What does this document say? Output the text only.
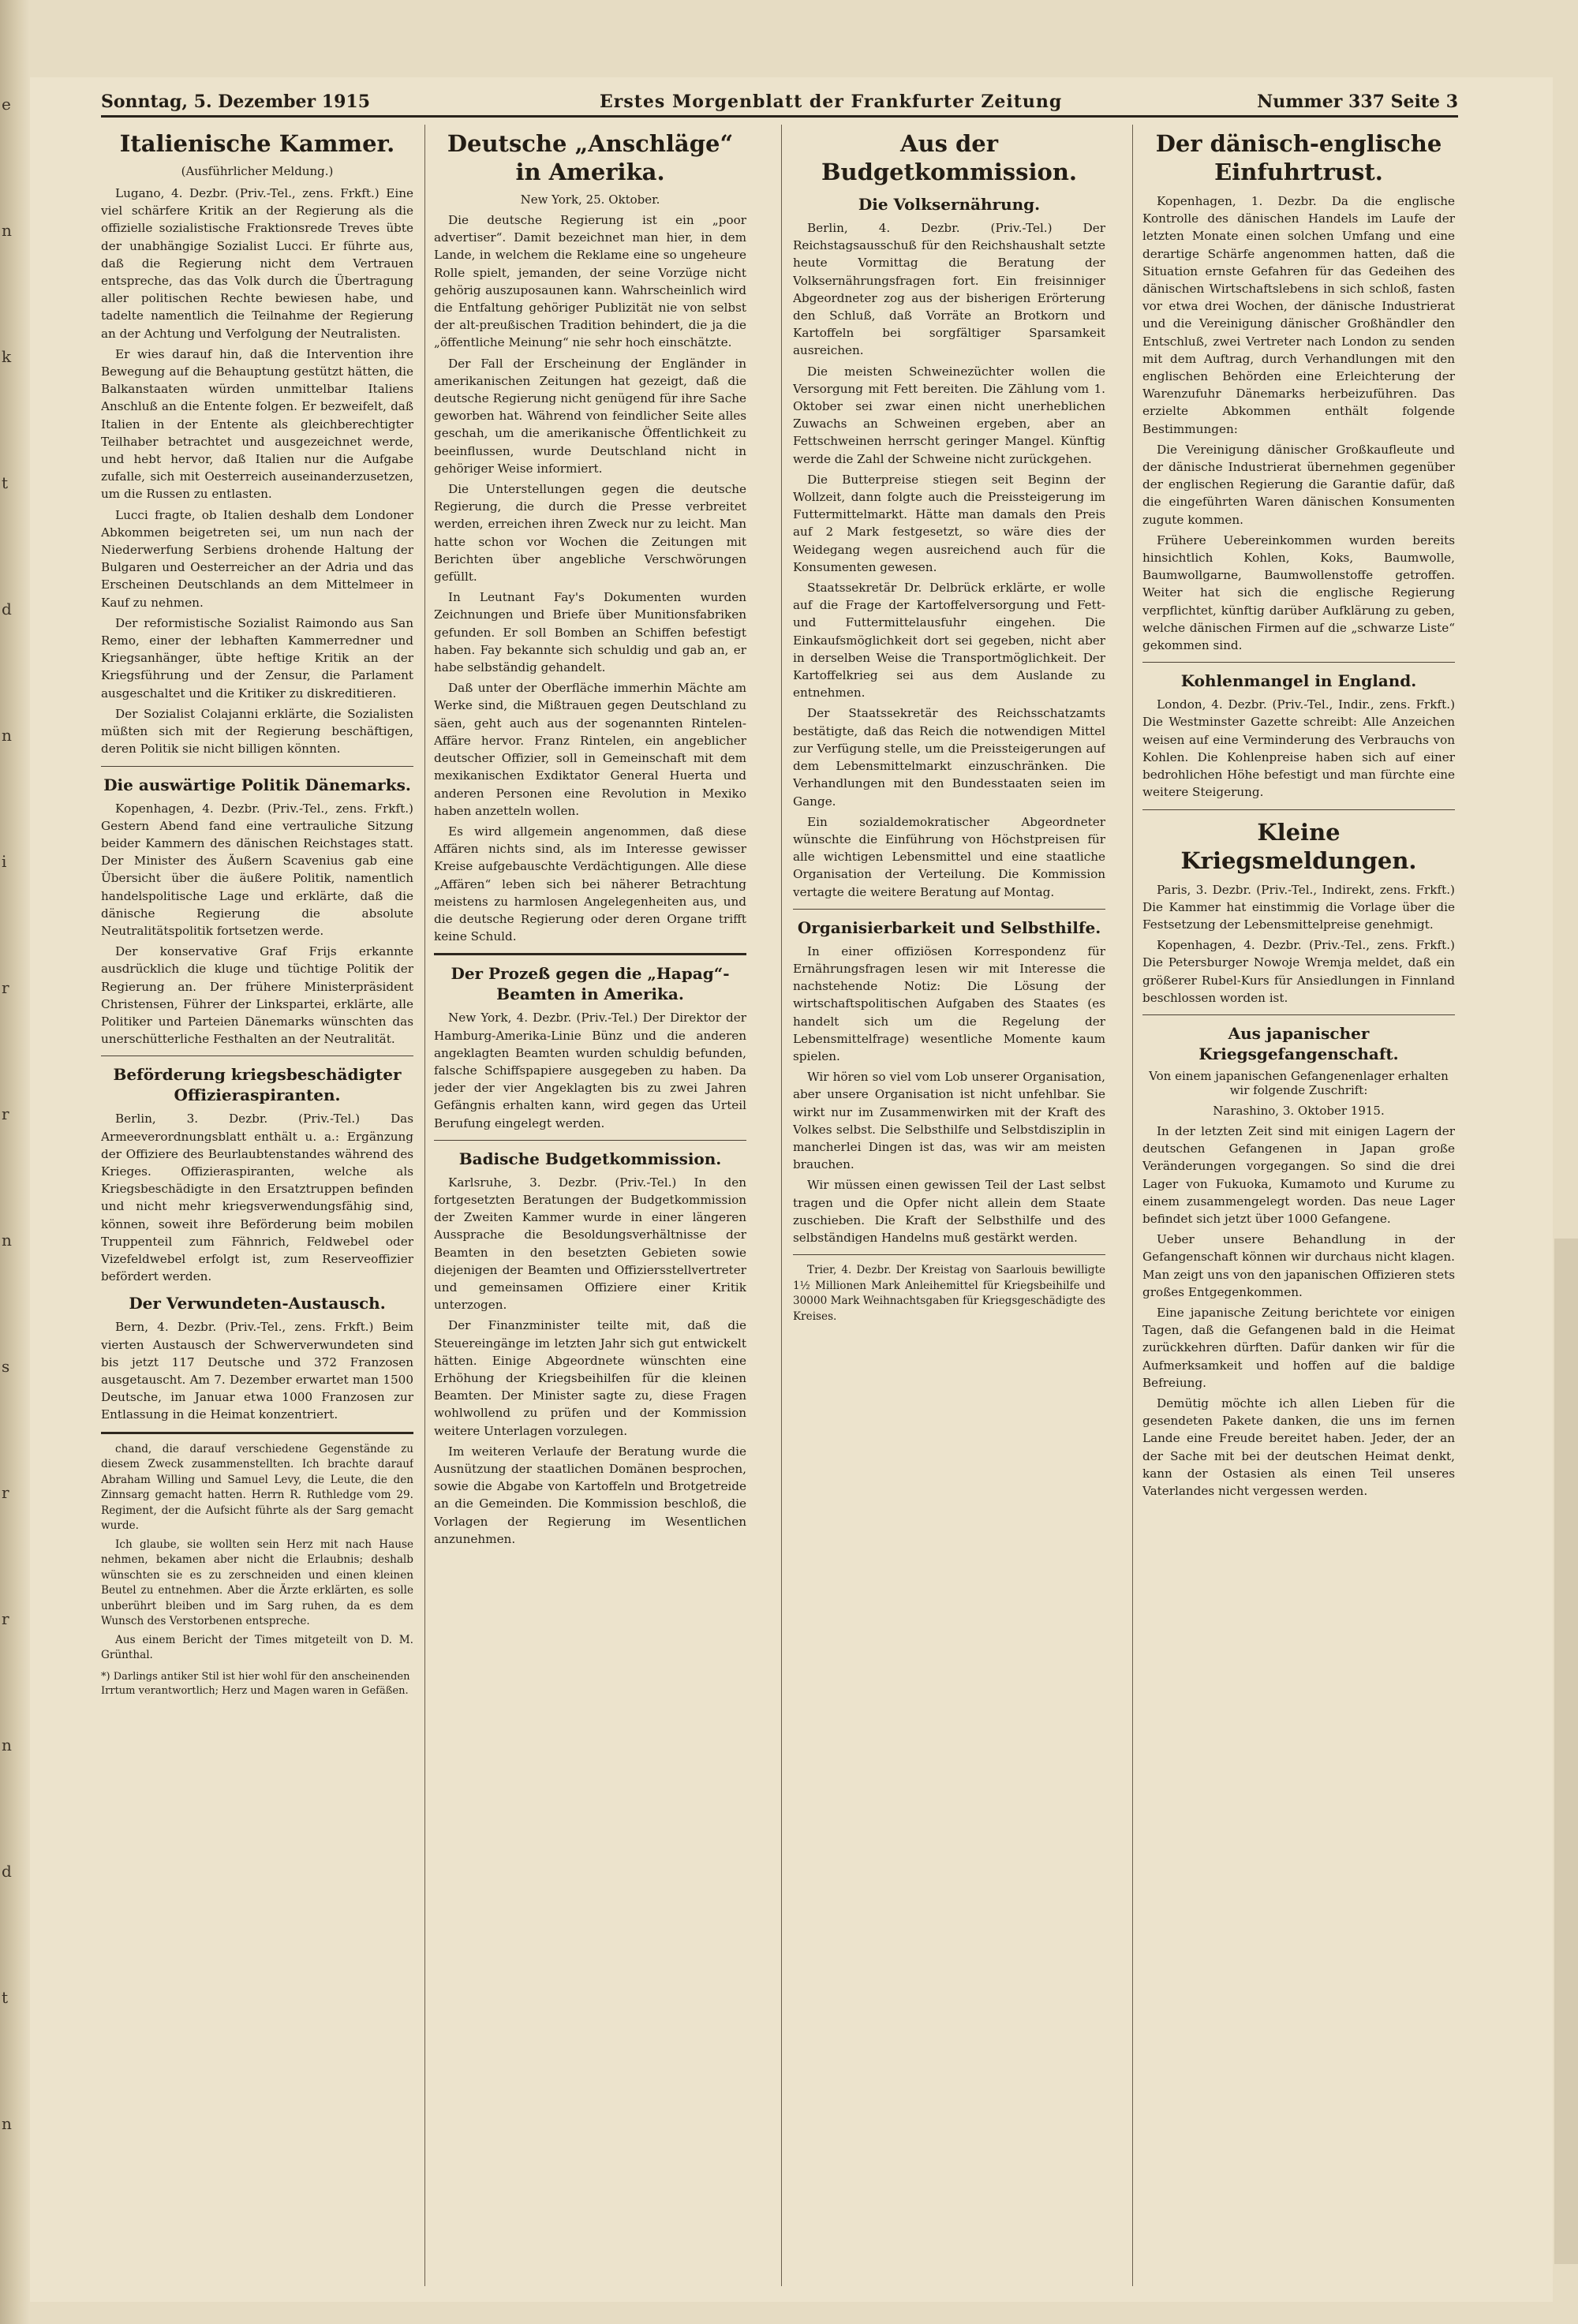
e
n
k
t
d
n
i
r
r
n
s
r
r
n
d
t
n
Sonntag, 5. Dezember 1915	Erstes Morgenblatt der Frankfurter Zeitung	Nummer 337 Seite 3
Italienische Kammer.
(Ausführlicher Meldung.)

Lugano, 4. Dezbr. (Priv.-Tel., zens. Frkft.) Eine viel schärfere Kritik an der Regierung als die offizielle sozialistische Fraktionsrede Treves übte der unabhängige Sozialist Lucci. Er führte aus, daß die Regierung nicht dem Vertrauen entspreche, das das Volk durch die Übertragung aller politischen Rechte bewiesen habe, und tadelte namentlich die Teilnahme der Regierung an der Achtung und Verfolgung der Neutralisten.

Er wies darauf hin, daß die Intervention ihre Bewegung auf die Behauptung gestützt hätten, die Balkanstaaten würden unmittelbar Italiens Anschluß an die Entente folgen. Er bezweifelt, daß Italien in der Entente als gleichberechtigter Teilhaber betrachtet und ausgezeichnet werde, und hebt hervor, daß Italien nur die Aufgabe zufalle, sich mit Oesterreich auseinanderzusetzen, um die Russen zu entlasten.

Lucci fragte, ob Italien deshalb dem Londoner Abkommen beigetreten sei, um nun nach der Niederwerfung Serbiens drohende Haltung der Bulgaren und Oesterreicher an der Adria und das Erscheinen Deutschlands an dem Mittelmeer in Kauf zu nehmen.

Der reformistische Sozialist Raimondo aus San Remo, einer der lebhaften Kammerredner und Kriegsanhänger, übte heftige Kritik an der Kriegsführung und der Zensur, die Parlament ausgeschaltet und die Kritiker zu diskreditieren.

Der Sozialist Colajanni erklärte, die Sozialisten müßten sich mit der Regierung beschäftigen, deren Politik sie nicht billigen könnten.

Die auswärtige Politik Dänemarks.

Kopenhagen, 4. Dezbr. (Priv.-Tel., zens. Frkft.) Gestern Abend fand eine vertrauliche Sitzung beider Kammern des dänischen Reichstages statt. Der Minister des Äußern Scavenius gab eine Übersicht über die äußere Politik, namentlich handelspolitische Lage und erklärte, daß die dänische Regierung die absolute Neutralitätspolitik fortsetzen werde.

Der konservative Graf Frijs erkannte ausdrücklich die kluge und tüchtige Politik der Regierung an. Der frühere Ministerpräsident Christensen, Führer der Linkspartei, erklärte, alle Politiker und Parteien Dänemarks wünschten das unerschütterliche Festhalten an der Neutralität.

Beförderung kriegsbeschädigter Offizieraspiranten.

Berlin, 3. Dezbr. (Priv.-Tel.) Das Armeeverordnungsblatt enthält u. a.: Ergänzung der Offiziere des Beurlaubtenstandes während des Krieges. Offizieraspiranten, welche als Kriegsbeschädigte in den Ersatztruppen befinden und nicht mehr kriegsverwendungsfähig sind, können, soweit ihre Beförderung beim mobilen Truppenteil zum Fähnrich, Feldwebel oder Vizefeldwebel erfolgt ist, zum Reserveoffizier befördert werden.

Der Verwundeten-Austausch.

Bern, 4. Dezbr. (Priv.-Tel., zens. Frkft.) Beim vierten Austausch der Schwerverwundeten sind bis jetzt 117 Deutsche und 372 Franzosen ausgetauscht. Am 7. Dezember erwartet man 1500 Deutsche, im Januar etwa 1000 Franzosen zur Entlassung in die Heimat konzentriert.

chand, die darauf verschiedene Gegenstände zu diesem Zweck zusammenstellten. Ich brachte darauf Abraham Willing und Samuel Levy, die Leute, die den Zinnsarg gemacht hatten. Herrn R. Ruthledge vom 29. Regiment, der die Aufsicht führte als der Sarg gemacht wurde.

Ich glaube, sie wollten sein Herz mit nach Hause nehmen, bekamen aber nicht die Erlaubnis; deshalb wünschten sie es zu zerschneiden und einen kleinen Beutel zu entnehmen. Aber die Ärzte erklärten, es solle unberührt bleiben und im Sarg ruhen, da es dem Wunsch des Verstorbenen entspreche.

Aus einem Bericht der Times mitgeteilt von D. M. Grünthal.

*) Darlings antiker Stil ist hier wohl für den anscheinenden Irrtum verantwortlich; Herz und Magen waren in Gefäßen.
Deutsche „Anschläge“ in Amerika.
New York, 25. Oktober.

Die deutsche Regierung ist ein „poor advertiser“. Damit bezeichnet man hier, in dem Lande, in welchem die Reklame eine so ungeheure Rolle spielt, jemanden, der seine Vorzüge nicht gehörig auszuposaunen kann. Wahrscheinlich wird die Entfaltung gehöriger Publizität nie von selbst der alt-preußischen Tradition behindert, die ja die „öffentliche Meinung“ nie sehr hoch einschätzte.

Der Fall der Erscheinung der Engländer in amerikanischen Zeitungen hat gezeigt, daß die deutsche Regierung nicht genügend für ihre Sache geworben hat. Während von feindlicher Seite alles geschah, um die amerikanische Öffentlichkeit zu beeinflussen, wurde Deutschland nicht in gehöriger Weise informiert.

Die Unterstellungen gegen die deutsche Regierung, die durch die Presse verbreitet werden, erreichen ihren Zweck nur zu leicht. Man hatte schon vor Wochen die Zeitungen mit Berichten über angebliche Verschwörungen gefüllt.

In Leutnant Fay's Dokumenten wurden Zeichnungen und Briefe über Munitionsfabriken gefunden. Er soll Bomben an Schiffen befestigt haben. Fay bekannte sich schuldig und gab an, er habe selbständig gehandelt.

Daß unter der Oberfläche immerhin Mächte am Werke sind, die Mißtrauen gegen Deutschland zu säen, geht auch aus der sogenannten Rintelen-Affäre hervor. Franz Rintelen, ein angeblicher deutscher Offizier, soll in Gemeinschaft mit dem mexikanischen Exdiktator General Huerta und anderen Personen eine Revolution in Mexiko haben anzetteln wollen.

Es wird allgemein angenommen, daß diese Affären nichts sind, als im Interesse gewisser Kreise aufgebauschte Verdächtigungen. Alle diese „Affären“ leben sich bei näherer Betrachtung meistens zu harmlosen Angelegenheiten aus, und die deutsche Regierung oder deren Organe trifft keine Schuld.

Der Prozeß gegen die „Hapag“-Beamten in Amerika.

New York, 4. Dezbr. (Priv.-Tel.) Der Direktor der Hamburg-Amerika-Linie Bünz und die anderen angeklagten Beamten wurden schuldig befunden, falsche Schiffspapiere ausgegeben zu haben. Da jeder der vier Angeklagten bis zu zwei Jahren Gefängnis erhalten kann, wird gegen das Urteil Berufung eingelegt werden.

Badische Budgetkommission.

Karlsruhe, 3. Dezbr. (Priv.-Tel.) In den fortgesetzten Beratungen der Budgetkommission der Zweiten Kammer wurde in einer längeren Aussprache die Besoldungsverhältnisse der Beamten in den besetzten Gebieten sowie diejenigen der Beamten und Offiziersstellvertreter und gemeinsamen Offiziere einer Kritik unterzogen.

Der Finanzminister teilte mit, daß die Steuereingänge im letzten Jahr sich gut entwickelt hätten. Einige Abgeordnete wünschten eine Erhöhung der Kriegsbeihilfen für die kleinen Beamten. Der Minister sagte zu, diese Fragen wohlwollend zu prüfen und der Kommission weitere Unterlagen vorzulegen.

Im weiteren Verlaufe der Beratung wurde die Ausnützung der staatlichen Domänen besprochen, sowie die Abgabe von Kartoffeln und Brotgetreide an die Gemeinden. Die Kommission beschloß, die Vorlagen der Regierung im Wesentlichen anzunehmen.

Aus der Budgetkommission.
Die Volksernährung.

Berlin, 4. Dezbr. (Priv.-Tel.) Der Reichstagsausschuß für den Reichshaushalt setzte heute Vormittag die Beratung der Volksernährungsfragen fort. Ein freisinniger Abgeordneter zog aus der bisherigen Erörterung den Schluß, daß Vorräte an Brotkorn und Kartoffeln bei sorgfältiger Sparsamkeit ausreichen.

Die meisten Schweinezüchter wollen die Versorgung mit Fett bereiten. Die Zählung vom 1. Oktober sei zwar einen nicht unerheblichen Zuwachs an Schweinen ergeben, aber an Fettschweinen herrscht geringer Mangel. Künftig werde die Zahl der Schweine nicht zurückgehen.

Die Butterpreise stiegen seit Beginn der Wollzeit, dann folgte auch die Preissteigerung im Futtermittelmarkt. Hätte man damals den Preis auf 2 Mark festgesetzt, so wäre dies der Weidegang wegen ausreichend auch für die Konsumenten gewesen.

Staatssekretär Dr. Delbrück erklärte, er wolle auf die Frage der Kartoffelversorgung und Fett- und Futtermittelausfuhr eingehen. Die Einkaufsmöglichkeit dort sei gegeben, nicht aber in derselben Weise die Transportmöglichkeit. Der Kartoffelkrieg sei aus dem Auslande zu entnehmen.

Der Staatssekretär des Reichsschatzamts bestätigte, daß das Reich die notwendigen Mittel zur Verfügung stelle, um die Preissteigerungen auf dem Lebensmittelmarkt einzuschränken. Die Verhandlungen mit den Bundesstaaten seien im Gange.

Ein sozialdemokratischer Abgeordneter wünschte die Einführung von Höchstpreisen für alle wichtigen Lebensmittel und eine staatliche Organisation der Verteilung. Die Kommission vertagte die weitere Beratung auf Montag.

Organisierbarkeit und Selbsthilfe.

In einer offiziösen Korrespondenz für Ernährungsfragen lesen wir mit Interesse die nachstehende Notiz: Die Lösung der wirtschaftspolitischen Aufgaben des Staates (es handelt sich um die Regelung der Lebensmittelfrage) wesentliche Momente kaum spielen.

Wir hören so viel vom Lob unserer Organisation, aber unsere Organisation ist nicht unfehlbar. Sie wirkt nur im Zusammenwirken mit der Kraft des Volkes selbst. Die Selbsthilfe und Selbstdisziplin in mancherlei Dingen ist das, was wir am meisten brauchen.

Wir müssen einen gewissen Teil der Last selbst tragen und die Opfer nicht allein dem Staate zuschieben. Die Kraft der Selbsthilfe und des selbständigen Handelns muß gestärkt werden.

Trier, 4. Dezbr. Der Kreistag von Saarlouis bewilligte 1½ Millionen Mark Anleihemittel für Kriegsbeihilfe und 30000 Mark Weihnachtsgaben für Kriegsgeschädigte des Kreises.

Der dänisch-englische Einfuhrtrust.

Kopenhagen, 1. Dezbr. Da die englische Kontrolle des dänischen Handels im Laufe der letzten Monate einen solchen Umfang und eine derartige Schärfe angenommen hatten, daß die Situation ernste Gefahren für das Gedeihen des dänischen Wirtschaftslebens in sich schloß, fasten vor etwa drei Wochen, der dänische Industrierat und die Vereinigung dänischer Großhändler den Entschluß, zwei Vertreter nach London zu senden mit dem Auftrag, durch Verhandlungen mit den englischen Behörden eine Erleichterung der Warenzufuhr Dänemarks herbeizuführen. Das erzielte Abkommen enthält folgende Bestimmungen:

Die Vereinigung dänischer Großkaufleute und der dänische Industrierat übernehmen gegenüber der englischen Regierung die Garantie dafür, daß die eingeführten Waren dänischen Konsumenten zugute kommen.

Frühere Uebereinkommen wurden bereits hinsichtlich Kohlen, Koks, Baumwolle, Baumwollgarne, Baumwollenstoffe getroffen. Weiter hat sich die englische Regierung verpflichtet, künftig darüber Aufklärung zu geben, welche dänischen Firmen auf die „schwarze Liste“ gekommen sind.

Kohlenmangel in England.

London, 4. Dezbr. (Priv.-Tel., Indir., zens. Frkft.) Die Westminster Gazette schreibt: Alle Anzeichen weisen auf eine Verminderung des Verbrauchs von Kohlen. Die Kohlenpreise haben sich auf einer bedrohlichen Höhe befestigt und man fürchte eine weitere Steigerung.

Kleine Kriegsmeldungen.

Paris, 3. Dezbr. (Priv.-Tel., Indirekt, zens. Frkft.) Die Kammer hat einstimmig die Vorlage über die Festsetzung der Lebensmittelpreise genehmigt.

Kopenhagen, 4. Dezbr. (Priv.-Tel., zens. Frkft.) Die Petersburger Nowoje Wremja meldet, daß ein größerer Rubel-Kurs für Ansiedlungen in Finnland beschlossen worden ist.

Aus japanischer Kriegsgefangenschaft.
Von einem japanischen Gefangenenlager erhalten wir folgende Zuschrift:
Narashino, 3. Oktober 1915.

In der letzten Zeit sind mit einigen Lagern der deutschen Gefangenen in Japan große Veränderungen vorgegangen. So sind die drei Lager von Fukuoka, Kumamoto und Kurume zu einem zusammengelegt worden. Das neue Lager befindet sich jetzt über 1000 Gefangene.

Ueber unsere Behandlung in der Gefangenschaft können wir durchaus nicht klagen. Man zeigt uns von den japanischen Offizieren stets großes Entgegenkommen.

Eine japanische Zeitung berichtete vor einigen Tagen, daß die Gefangenen bald in die Heimat zurückkehren dürften. Dafür danken wir für die Aufmerksamkeit und hoffen auf die baldige Befreiung.

Demütig möchte ich allen Lieben für die gesendeten Pakete danken, die uns im fernen Lande eine Freude bereitet haben. Jeder, der an der Sache mit bei der deutschen Heimat denkt, kann der Ostasien als einen Teil unseres Vaterlandes nicht vergessen werden.
